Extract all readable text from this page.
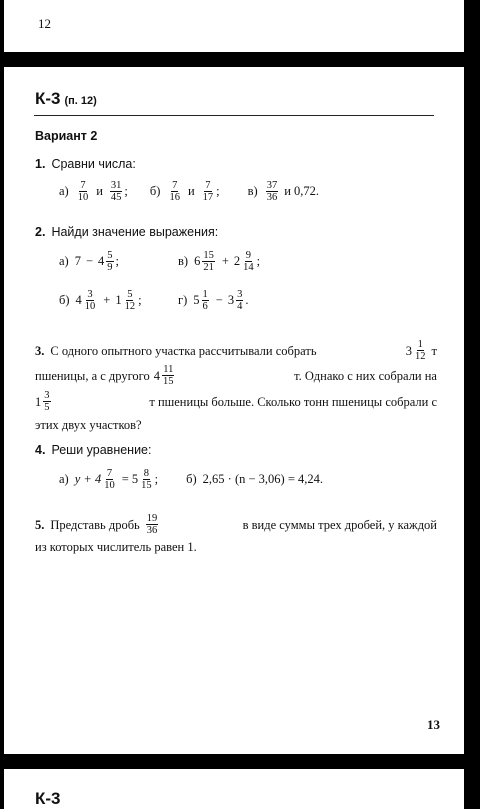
12
К-3 (п. 12)
Вариант 2
1. Сравни числа:
$а) \frac{7}{10}$ и $\frac{31}{45}$ ; $б) \frac{7}{16}$ и $\frac{7}{17}$ ; $в) \frac{37}{36}$ и 0,72.
2. Найди значение выражения:
а) $7 - 4 \frac{5}{9}$ ;	в) $6 \frac{15}{21} + 2 \frac{9}{14}$ ;
б) $4 \frac{3}{10} + 1 \frac{5}{12}$ ;	г) $5 \frac{1}{6} - 3 \frac{3}{4}$ .
3. С одного опытного участка рассчитывали собрать	$3 \frac{1}{12}$ т
пшеницы, а с другого $4 \frac{11}{15}$	т. Однако с них собрали на
$1 \frac{3}{5}$	т пшеницы больше. Сколько тонн пшеницы собрали с
этих двух участков?
4. Реши уравнение:
а) $y + 4 \frac{7}{10} = 5 \frac{8}{15}$ ; б) 2,65 · (n − 3,06) = 4,24.
5. Представь дробь $\frac{19}{36}$	в виде суммы трех дробей, у каждой
из которых числитель равен 1.
13
К-3
